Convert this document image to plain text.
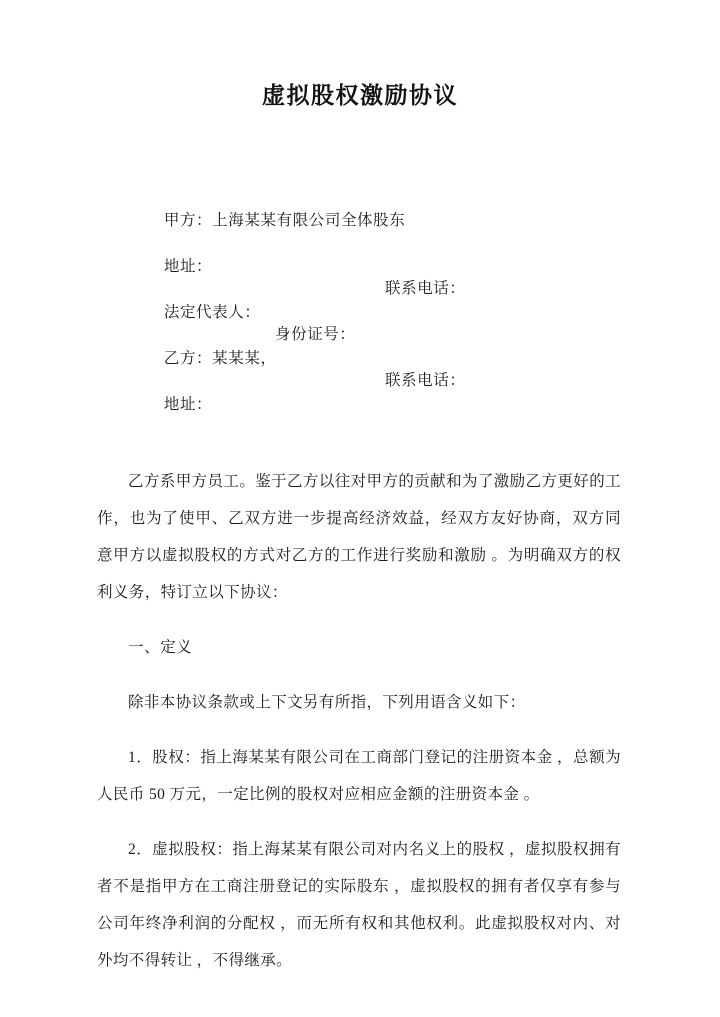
虚拟股权激励协议

甲方：上海某某有限公司全体股东

地址：

法定代表人：

联系电话：

乙方：某某某，

身份证号：

地址：

联系电话：

乙方系甲方员工。鉴于乙方以往对甲方的贡献和为了激励乙方更好的工作，也为了使甲、乙双方进一步提高经济效益，经双方友好协商，双方同意甲方以虚拟股权的方式对乙方的工作进行奖励和激励 。为明确双方的权利义务，特订立以下协议：

一、定义

除非本协议条款或上下文另有所指，下列用语含义如下：

1．股权：指上海某某有限公司在工商部门登记的注册资本金 ，总额为人民币 50 万元，一定比例的股权对应相应金额的注册资本金 。

2．虚拟股权：指上海某某有限公司对内名义上的股权 ，虚拟股权拥有者不是指甲方在工商注册登记的实际股东 ，虚拟股权的拥有者仅享有参与公司年终净利润的分配权 ，而无所有权和其他权利。此虚拟股权对内、对外均不得转让 ，不得继承。
